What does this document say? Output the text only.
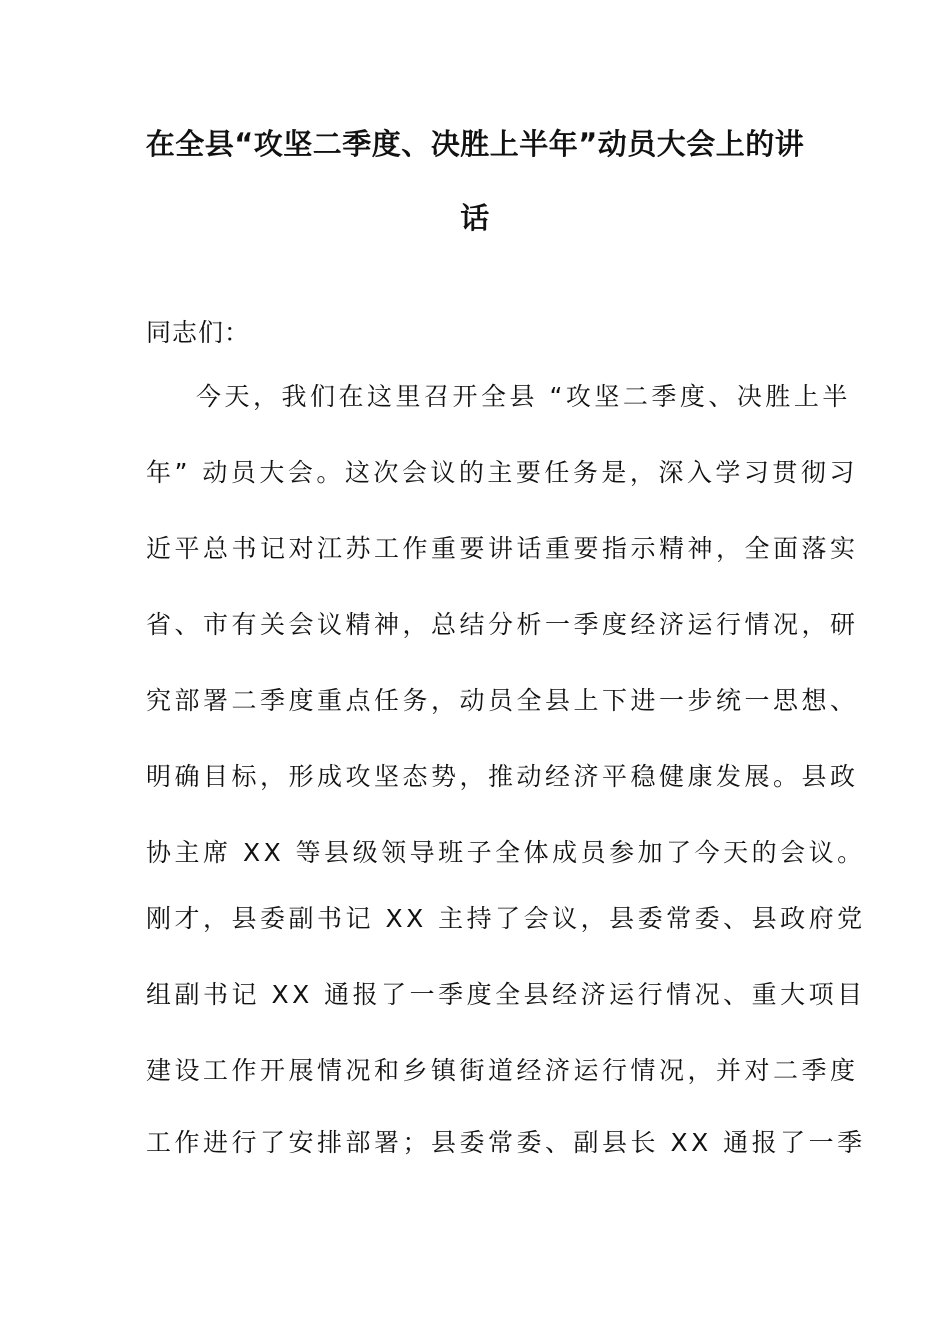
在全县“攻坚二季度、决胜上半年”动员大会上的讲
话
同志们：
今天，我们在这里召开全县 “攻坚二季度、决胜上半
年” 动员大会。这次会议的主要任务是，深入学习贯彻习
近平总书记对江苏工作重要讲话重要指示精神，全面落实
省、市有关会议精神，总结分析一季度经济运行情况，研
究部署二季度重点任务，动员全县上下进一步统一思想、
明确目标，形成攻坚态势，推动经济平稳健康发展。县政
协主席 XX 等县级领导班子全体成员参加了今天的会议。
刚才，县委副书记 XX 主持了会议，县委常委、县政府党
组副书记 XX 通报了一季度全县经济运行情况、重大项目
建设工作开展情况和乡镇街道经济运行情况，并对二季度
工作进行了安排部署；县委常委、副县长 XX 通报了一季
